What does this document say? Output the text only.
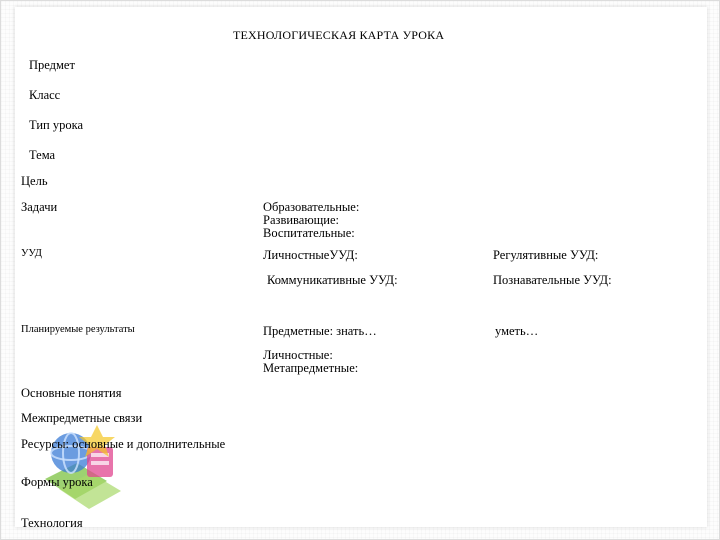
ТЕХНОЛОГИЧЕСКАЯ КАРТА УРОКА
Предмет
Класс
Тип урока
Тема
Цель
Задачи	Образовательные:
Развивающие:
Воспитательные:
УУД	ЛичностныеУУД:	Регулятивные УУД:
Коммуникативные УУД:	Познавательные УУД:
Планируемые результаты	Предметные: знать…	уметь…
Личностные:
Метапредметные:
Основные понятия
Межпредметные связи
Ресурсы: основные и дополнительные
Формы урока
Технология
